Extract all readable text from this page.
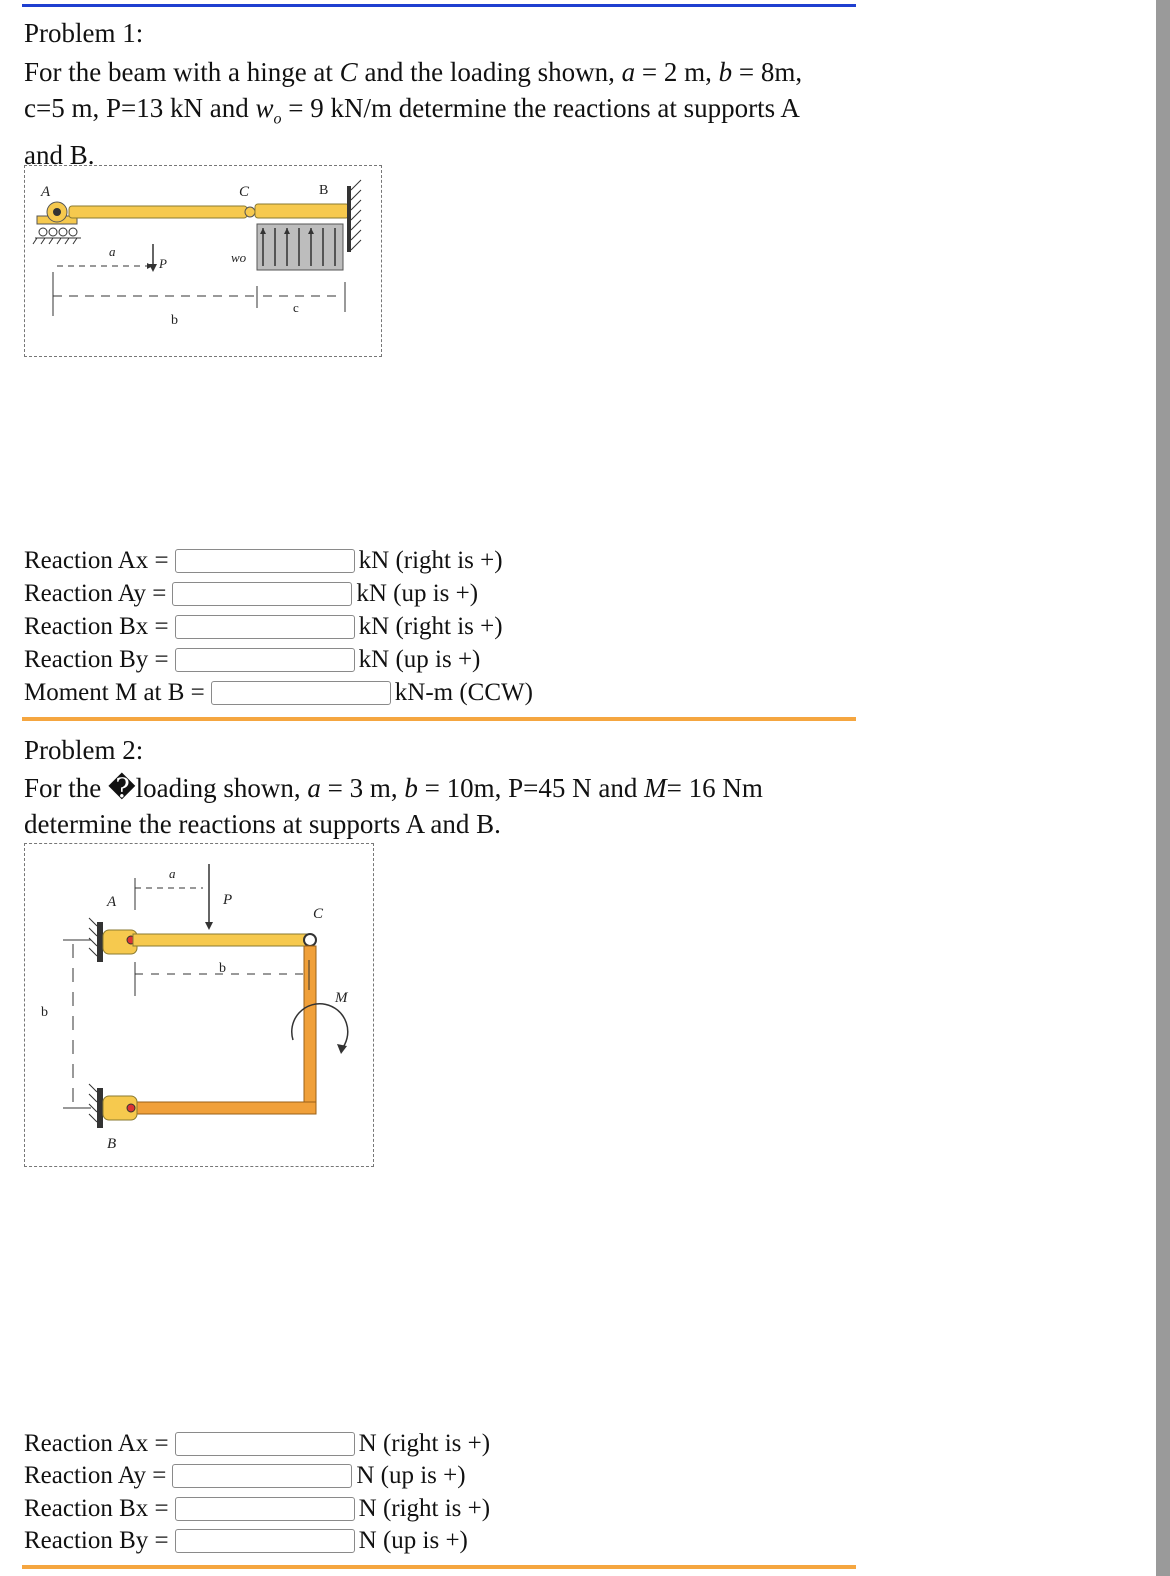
Problem 1:
For the beam with a hinge at C and the loading shown, a = 2 m, b = 8m, c=5 m, P=13 kN and $w_o = 9$ kN/m determine the reactions at supports A and B.
A	C	B
a
P	wo
b
c
Reaction Ax =	kN (right is +)
Reaction Ay =	kN (up is +)
Reaction Bx =	kN (right is +)
Reaction By =	kN (up is +)
Moment M at B =	kN-m (CCW)
Problem 2:
For the �loading shown, a = 3 m, b = 10m, P=45 N and M= 16 Nm determine the reactions at supports A and B.
a
A	P
C
b
b
M
B
Reaction Ax =	N (right is +)
Reaction Ay =	N (up is +)
Reaction Bx =	N (right is +)
Reaction By =	N (up is +)
